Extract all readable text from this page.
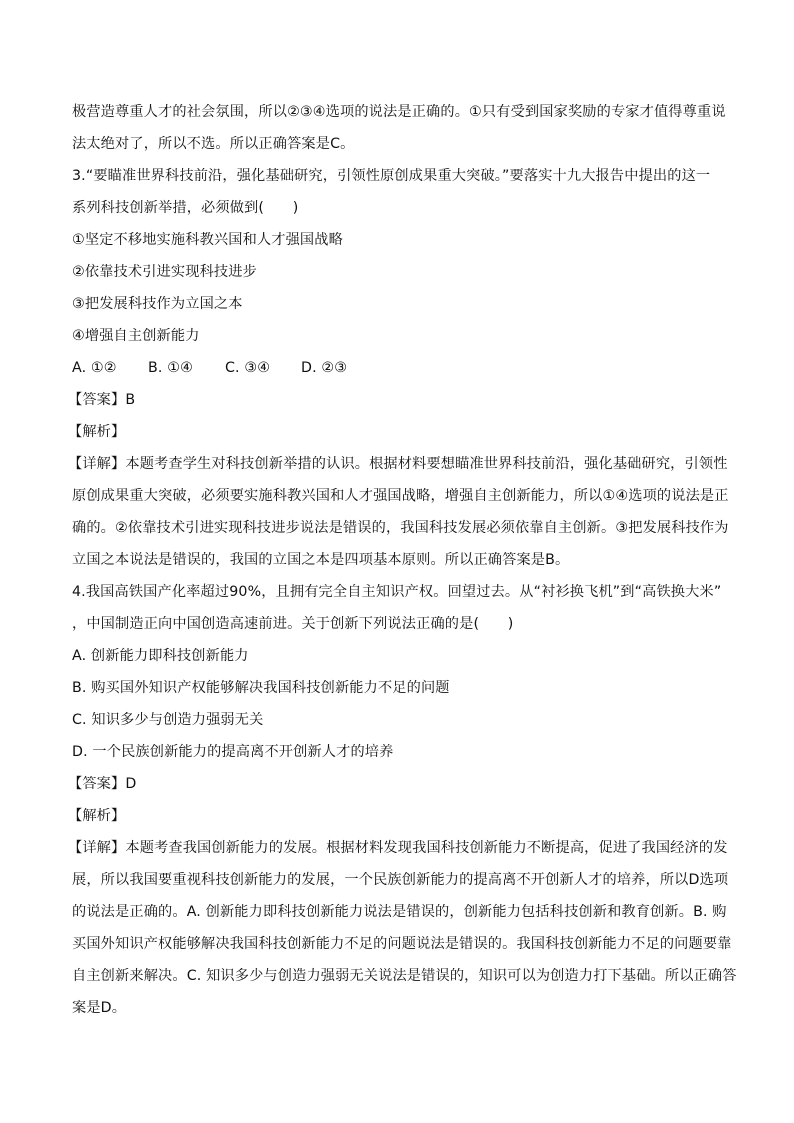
极营造尊重人才的社会氛围，所以②③④选项的说法是正确的。①只有受到国家奖励的专家才值得尊重说
法太绝对了，所以不选。所以正确答案是C。
3.“要瞄准世界科技前沿，强化基础研究，引领性原创成果重大突破。”要落实十九大报告中提出的这一
系列科技创新举措，必须做到(　　)
①坚定不移地实施科教兴国和人才强国战略
②依靠技术引进实现科技进步
③把发展科技作为立国之本
④增强自主创新能力
A. ①②	B. ①④	C. ③④	D. ②③
【答案】B
【解析】
【详解】本题考查学生对科技创新举措的认识。根据材料要想瞄准世界科技前沿，强化基础研究，引领性
原创成果重大突破，必须要实施科教兴国和人才强国战略，增强自主创新能力，所以①④选项的说法是正
确的。②依靠技术引进实现科技进步说法是错误的，我国科技发展必须依靠自主创新。③把发展科技作为
立国之本说法是错误的，我国的立国之本是四项基本原则。所以正确答案是B。
4.我国高铁国产化率超过90%，且拥有完全自主知识产权。回望过去。从“衬衫换飞机”到“高铁换大米”
，中国制造正向中国创造高速前进。关于创新下列说法正确的是(　　)
A. 创新能力即科技创新能力
B. 购买国外知识产权能够解决我国科技创新能力不足的问题
C. 知识多少与创造力强弱无关
D. 一个民族创新能力的提高离不开创新人才的培养
【答案】D
【解析】
【详解】本题考查我国创新能力的发展。根据材料发现我国科技创新能力不断提高，促进了我国经济的发
展，所以我国要重视科技创新能力的发展，一个民族创新能力的提高离不开创新人才的培养，所以D选项
的说法是正确的。A. 创新能力即科技创新能力说法是错误的，创新能力包括科技创新和教育创新。B. 购
买国外知识产权能够解决我国科技创新能力不足的问题说法是错误的。我国科技创新能力不足的问题要靠
自主创新来解决。C. 知识多少与创造力强弱无关说法是错误的，知识可以为创造力打下基础。所以正确答
案是D。
